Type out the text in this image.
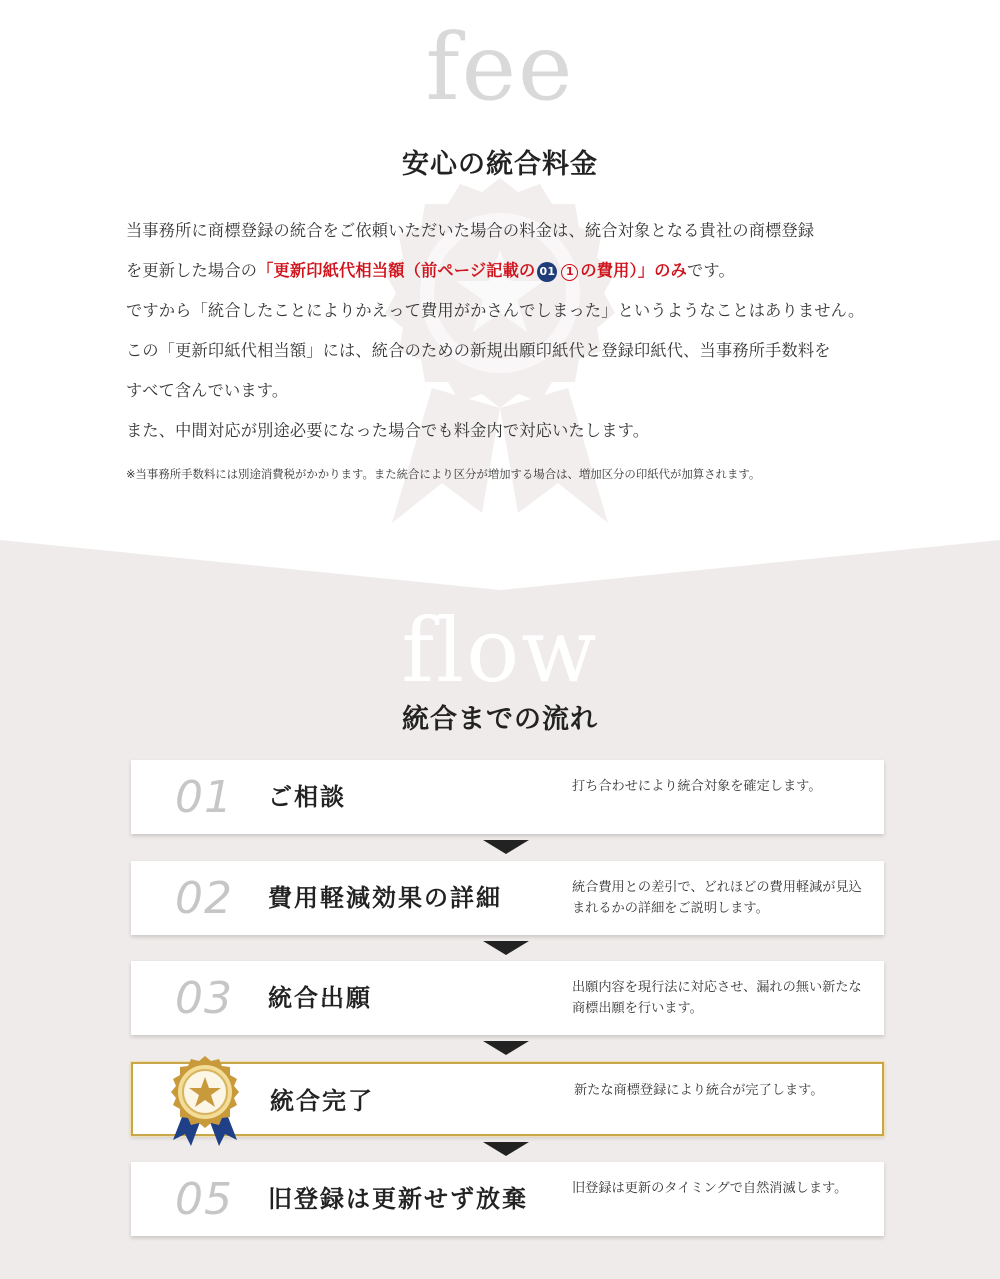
fee
安心の統合料金

当事務所に商標登録の統合をご依頼いただいた場合の料金は、統合対象となる貴社の商標登録

を更新した場合の「更新印紙代相当額（前ページ記載の 01 1 の費用）」のみです。

ですから「統合したことによりかえって費用がかさんでしまった」というようなことはありません。

この「更新印紙代相当額」には、統合のための新規出願印紙代と登録印紙代、当事務所手数料を

すべて含んでいます。

また、中間対応が別途必要になった場合でも料金内で対応いたします。

※当事務所手数料には別途消費税がかかります。また統合により区分が増加する場合は、増加区分の印紙代が加算されます。
flow
統合までの流れ
01	ご相談	打ち合わせにより統合対象を確定します。
02	費用軽減効果の詳細	統合費用との差引で、どれほどの費用軽減が見込まれるかの詳細をご説明します。
03	統合出願	出願内容を現行法に対応させ、漏れの無い新たな商標出願を行います。
統合完了	新たな商標登録により統合が完了します。
05	旧登録は更新せず放棄	旧登録は更新のタイミングで自然消滅します。
